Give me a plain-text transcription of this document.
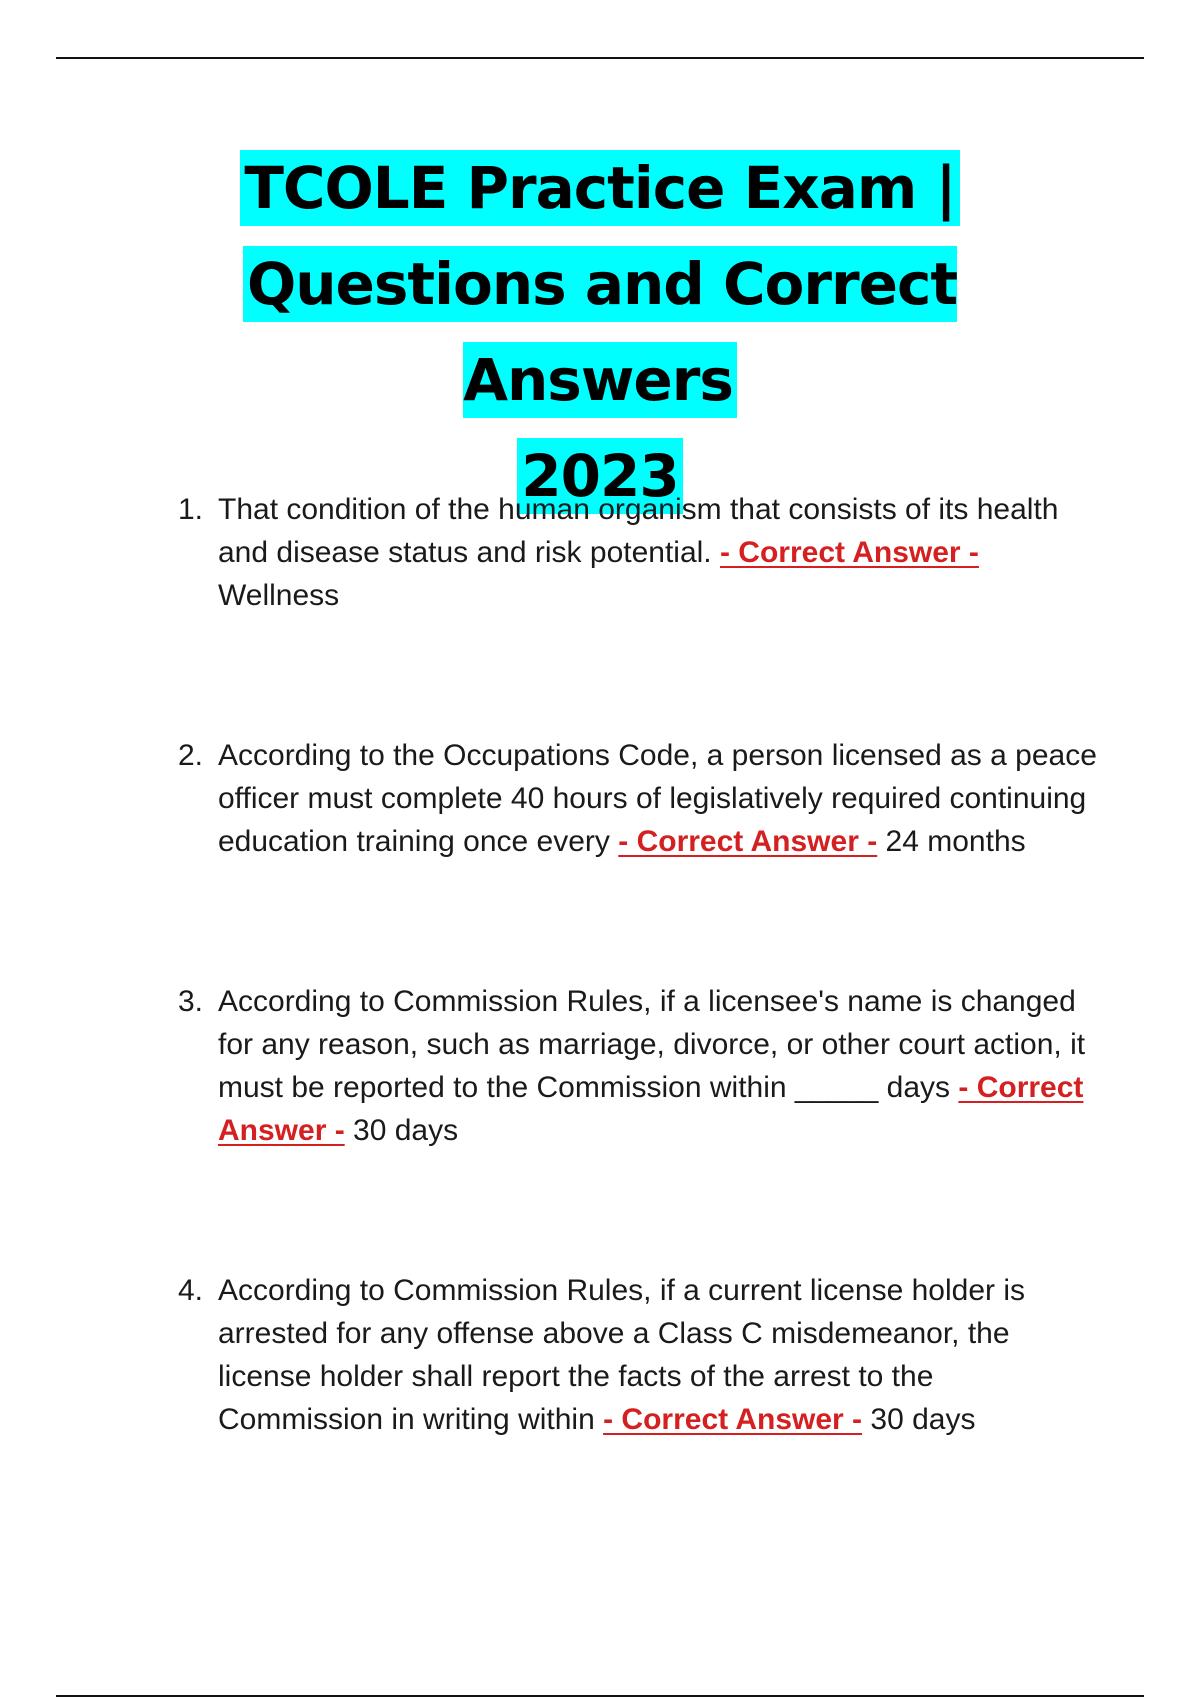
TCOLE Practice Exam |
Questions and Correct Answers
2023
1. That condition of the human organism that consists of its health and disease status and risk potential. - Correct Answer - Wellness
2. According to the Occupations Code, a person licensed as a peace officer must complete 40 hours of legislatively required continuing education training once every - Correct Answer - 24 months
3. According to Commission Rules, if a licensee's name is changed for any reason, such as marriage, divorce, or other court action, it must be reported to the Commission within _____ days - Correct Answer - 30 days
4. According to Commission Rules, if a current license holder is arrested for any offense above a Class C misdemeanor, the license holder shall report the facts of the arrest to the Commission in writing within - Correct Answer - 30 days
